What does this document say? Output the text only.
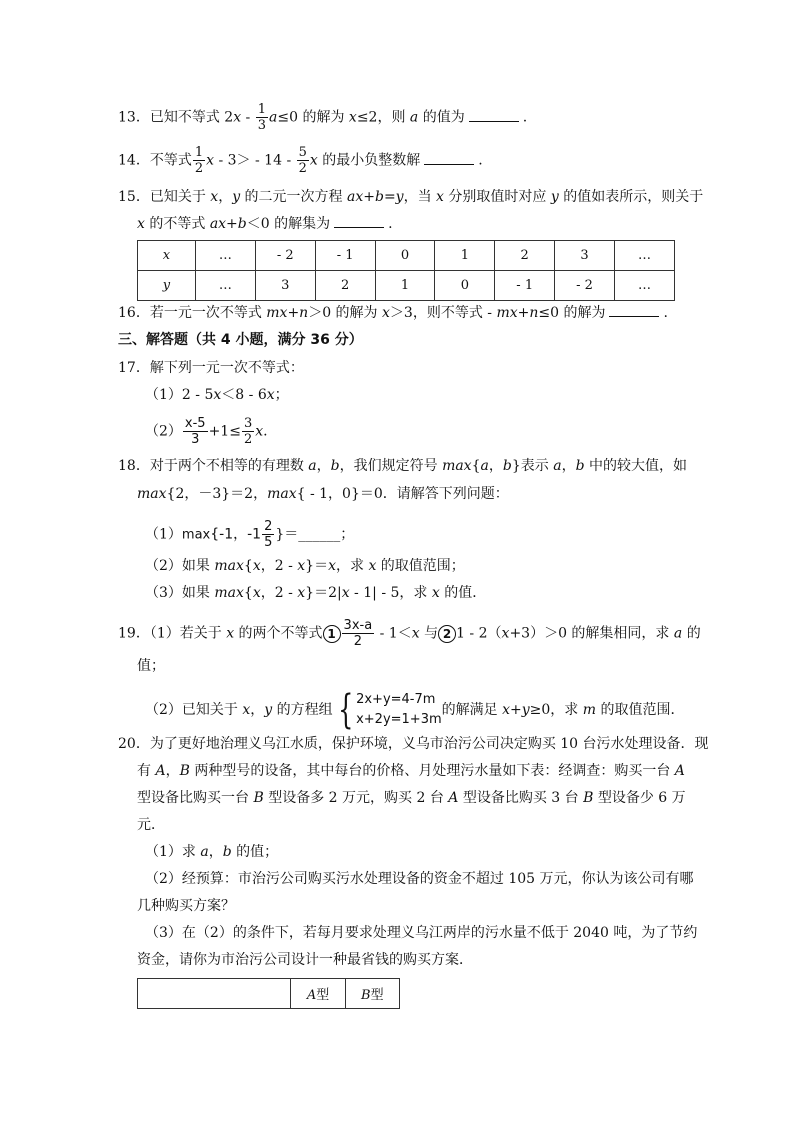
13．已知不等式 $2x - \frac{1}{3} a\le 0$ 的解为 x≤2，则 a 的值为	.
14．不等式 $\frac{1}{2}$ $x - 3> - 14 - \frac{5}{2}$ x 的最小负整数解	.
15．已知关于 x，y 的二元一次方程 ax+b=y，当 x 分别取值时对应 y 的值如表所示，则关于
x 的不等式 ax+b＜0 的解集为	.
x	…	- 2	- 1	0	1	2	3	…
y	…	3	2	1	0	- 1	- 2	…
16．若一元一次不等式 mx+n＞0 的解为 x＞3，则不等式 - mx+n≤0 的解为	.
三、解答题（共 4 小题，满分 36 分）
17．解下列一元一次不等式：
（1）2 - 5x＜8 - 6x；
$(2) \frac{x-5}{3} +1\le \frac{3}{2} x$.
18．对于两个不相等的有理数 a，b，我们规定符号 max{a，b}表示 a，b 中的较大值，如
max{2，－3}＝2，max{ - 1，0}＝0．请解答下列问题：
（1）max{-1，$-1 \frac{2}{5}$ }＝______；
（2）如果 max{x，2 - x}＝x，求 x 的取值范围；
（3）如果 max{x，2 - x}＝2|x - 1| - 5，求 x 的值．
19．（1）若关于 x 的两个不等式 $1 \frac{3x-a}{2} - 1<x$ 与 2 1 - 2（x+3）＞0 的解集相同，求 a 的
值；
（2）已知关于 x，y 的方程组 { 2x+y=4-7m
x+2y=1+3m
的解满足 x+y≥0，求 m 的取值范围．
20．为了更好地治理义乌江水质，保护环境，义乌市治污公司决定购买 10 台污水处理设备．现
有 A，B 两种型号的设备，其中每台的价格、月处理污水量如下表：经调查：购买一台 A
型设备比购买一台 B 型设备多 2 万元，购买 2 台 A 型设备比购买 3 台 B 型设备少 6 万
元．
（1）求 a，b 的值；
（2）经预算：市治污公司购买污水处理设备的资金不超过 105 万元，你认为该公司有哪
几种购买方案？
（3）在（2）的条件下，若每月要求处理义乌江两岸的污水量不低于 2040 吨，为了节约
资金，请你为市治污公司设计一种最省钱的购买方案．
	A型	B型
